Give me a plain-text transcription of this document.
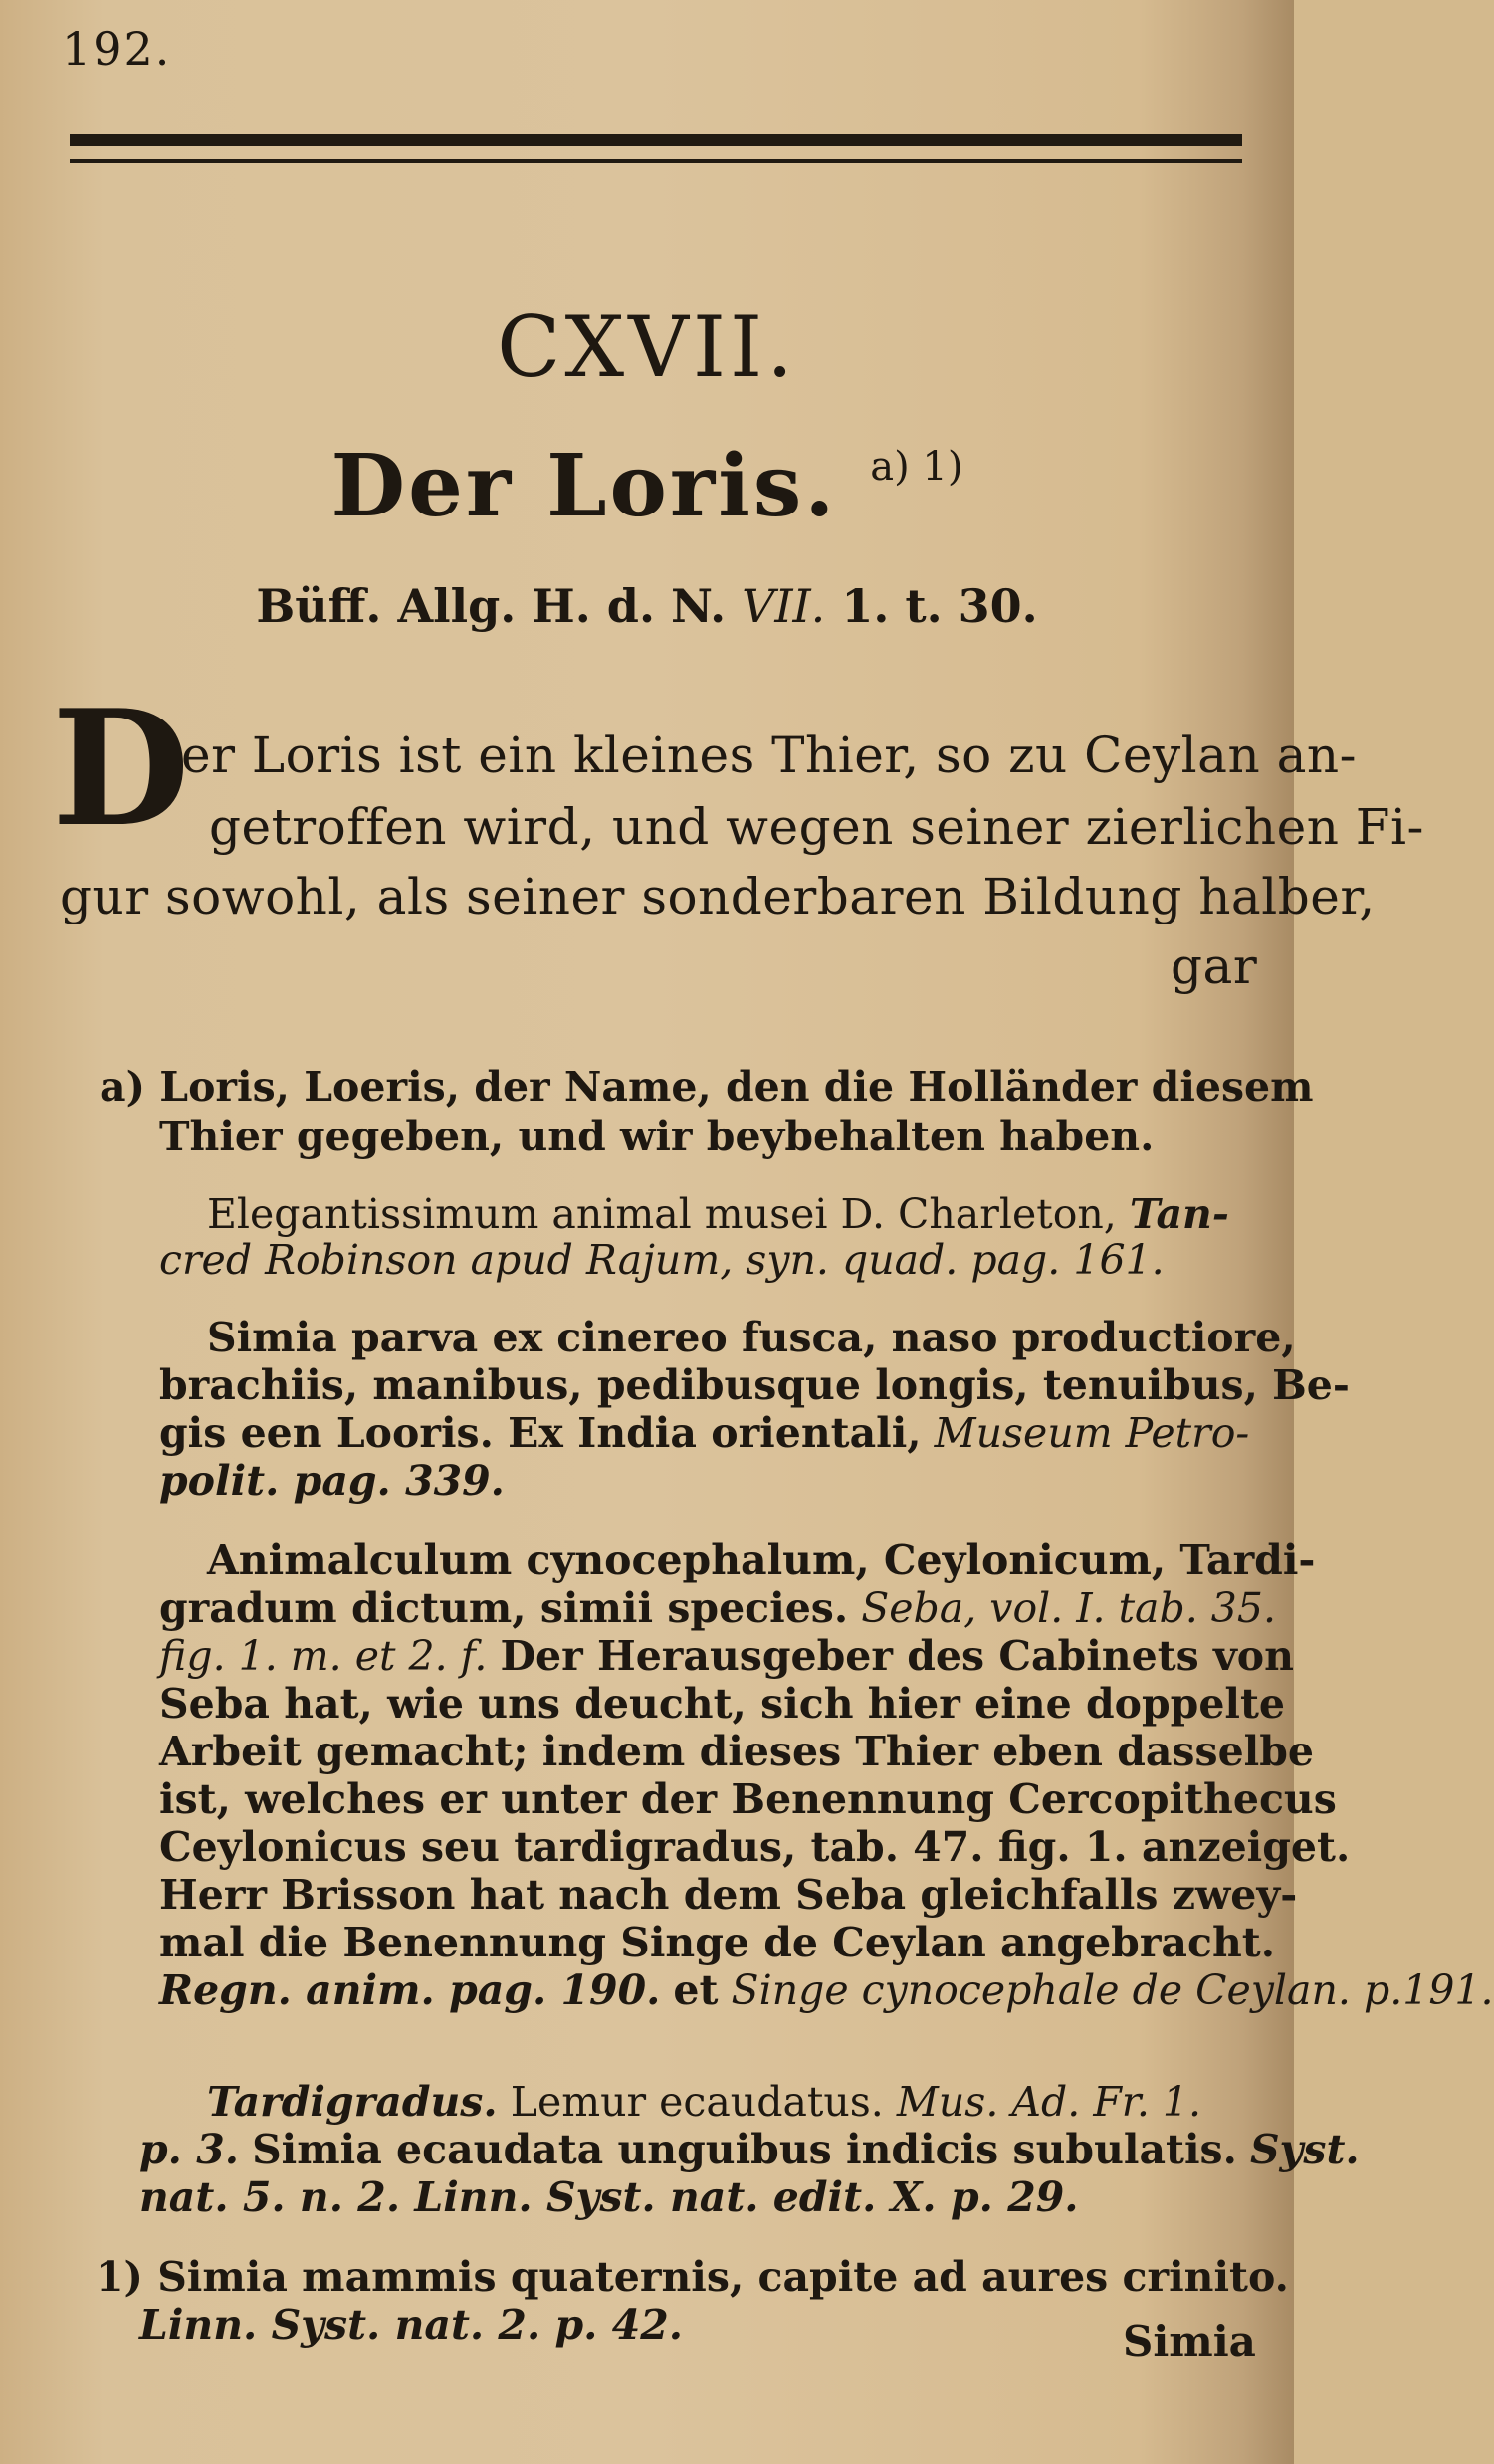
192.
CXVII.
Der Loris. $^{a) 1)}$
Büff. Allg. H. d. N. VII. 1. t. 30.
D
er Loris ist ein kleines Thier, so zu Ceylan an-
getroffen wird, und wegen seiner zierlichen Fi-
gur sowohl, als seiner sonderbaren Bildung halber,
gar
a) Loris, Loeris, der Name, den die Holländer diesem
Thier gegeben, und wir beybehalten haben.
Elegantissimum animal musei D. Charleton, Tan-
cred Robinson apud Rajum, syn. quad. pag. 161.
Simia parva ex cinereo fusca, naso productiore,
brachiis, manibus, pedibusque longis, tenuibus, Be-
gis een Looris. Ex India orientali, Museum Petro-
polit. pag. 339.
Animalculum cynocephalum, Ceylonicum, Tardi-
gradum dictum, simii species. Seba, vol. I. tab. 35.
fig. 1. m. et 2. f. Der Herausgeber des Cabinets von
Seba hat, wie uns deucht, sich hier eine doppelte
Arbeit gemacht; indem dieses Thier eben dasselbe
ist, welches er unter der Benennung Cercopithecus
Ceylonicus seu tardigradus, tab. 47. fig. 1. anzeiget.
Herr Brisson hat nach dem Seba gleichfalls zwey-
mal die Benennung Singe de Ceylan angebracht.
Regn. anim. pag. 190. et Singe cynocephale de Ceylan. p.191.
Tardigradus. Lemur ecaudatus. Mus. Ad. Fr. 1.
p. 3. Simia ecaudata unguibus indicis subulatis. Syst.
nat. 5. n. 2. Linn. Syst. nat. edit. X. p. 29.
1) Simia mammis quaternis, capite ad aures crinito.
Linn. Syst. nat. 2. p. 42.	Simia
